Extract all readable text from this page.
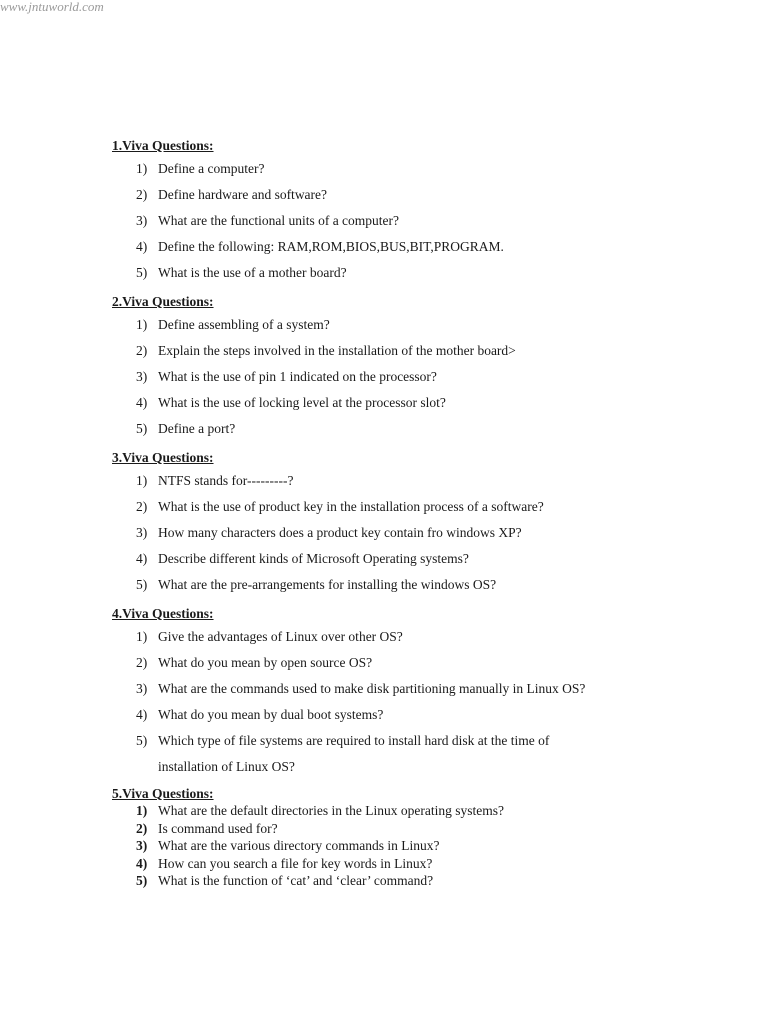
www.jntuworld.com
1.Viva Questions:
1) Define a computer?
2) Define hardware and software?
3) What are the functional units of a computer?
4) Define the following: RAM,ROM,BIOS,BUS,BIT,PROGRAM.
5) What is the use of a mother board?
2.Viva Questions:
1) Define assembling of a system?
2) Explain the steps involved in the installation of the mother board>
3) What is the use of pin 1 indicated on the processor?
4) What is the use of locking level at the processor slot?
5) Define a port?
3.Viva Questions:
1) NTFS stands for---------?
2) What is the use of product key in the installation process of a software?
3) How many characters does a product key contain fro windows XP?
4) Describe different kinds of Microsoft Operating systems?
5) What are the pre-arrangements for installing the windows OS?
4.Viva Questions:
1) Give the advantages of Linux over other OS?
2) What do you mean by open source OS?
3) What are the commands used to make disk partitioning manually in Linux OS?
4) What do you mean by dual boot systems?
5) Which type of file systems are required to install hard disk at the time of installation of Linux OS?
5.Viva Questions:
1) What are the default directories in the Linux operating systems?
2) Is command used for?
3) What are the various directory commands in Linux?
4) How can you search a file for key words in Linux?
5) What is the function of ‘cat’ and ‘clear’ command?
